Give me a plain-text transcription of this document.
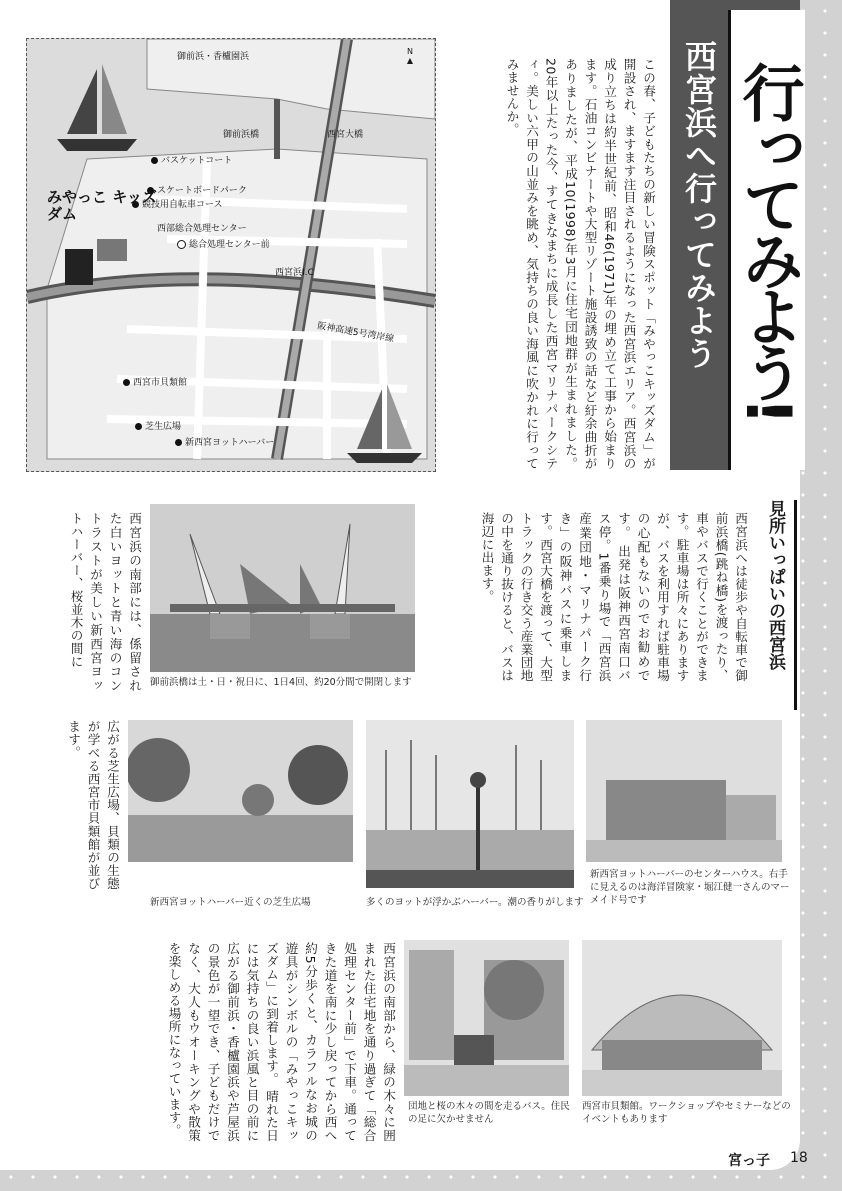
行ってみよう!
西宮浜へ行ってみよう
この春、子どもたちの新しい冒険スポット「みやっこキッズダム」が開設され、ますます注目されるようになった西宮浜エリア。西宮浜の成り立ちは約半世紀前、昭和46(1971)年の埋め立て工事から始まります。石油コンビナートや大型リゾート施設誘致の話など紆余曲折がありましたが、平成10(1998)年3月に住宅団地群が生まれました。 20年以上たった今、すてきなまちに成長した西宮マリナパークシティ。美しい六甲の山並みを眺め、気持ちの良い海風に吹かれに行ってみませんか。
御前浜・香櫨園浜
御前浜橋	西宮大橋
バスケットコート
スケートボードパーク
競技用自転車コース
西部総合処理センター
総合処理センター前
西宮浜I.C
阪神高速5号湾岸線
西宮市貝類館
芝生広場
新西宮ヨットハーバー
みやっこ キッズダム
N
▲
見所いっぱいの西宮浜
西宮浜へは徒歩や自転車で御前浜橋(跳ね橋)を渡ったり、車やバスで行くことができます。駐車場は所々にありますが、バスを利用すれば駐車場の心配もないのでお勧めです。 出発は阪神西宮南口バス停。1番乗り場で「西宮浜産業団地・マリナパーク行き」の阪神バスに乗車します。西宮大橋を渡って、大型トラックの行き交う産業団地の中を通り抜けると、バスは海辺に出ます。
御前浜橋は土・日・祝日に、1日4回、約20分間で開閉します
西宮浜の南部には、係留された白いヨットと青い海のコントラストが美しい新西宮ヨットハーバー、桜並木の間に
広がる芝生広場、貝類の生態が学べる西宮市貝類館が並びます。
新西宮ヨットハーバー近くの芝生広場	多くのヨットが浮かぶハーバー。潮の香りがします
新西宮ヨットハーバーのセンターハウス。右手に見えるのは海洋冒険家・堀江健一さんのマーメイド号です
西宮浜の南部から、緑の木々に囲まれた住宅地を通り過ぎて「総合処理センター前」で下車。通ってきた道を南に少し戻ってから西へ約5分歩くと、カラフルなお城の遊具がシンボルの「みやっこキッズダム」に到着します。 晴れた日には気持ちの良い浜風と目の前に広がる御前浜・香櫨園浜や芦屋浜の景色が一望でき、子どもだけでなく、大人もウオーキングや散策を楽しめる場所になっています。	団地と桜の木々の間を走るバス。住民の足に欠かせません
西宮市貝類館。ワークショップやセミナーなどのイベントもあります
宮っ子 18
